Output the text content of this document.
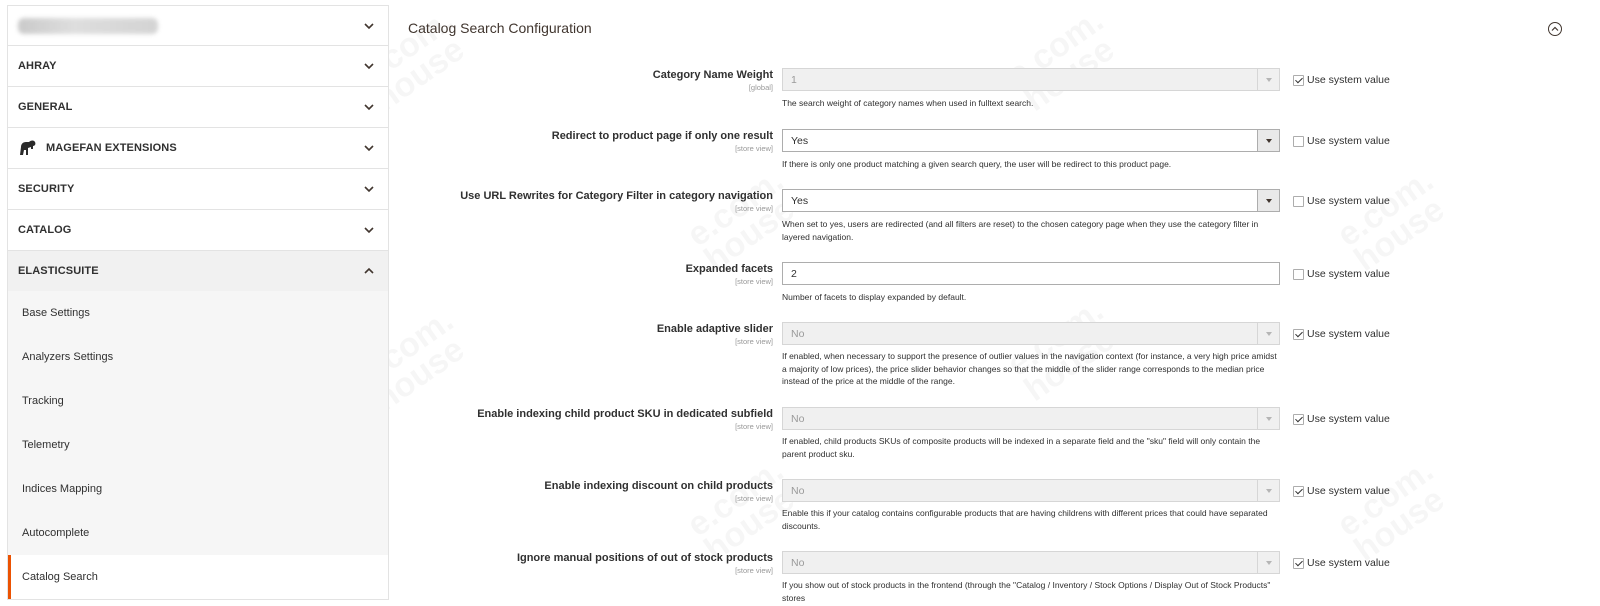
AHRAY
GENERAL
MAGEFAN EXTENSIONS
SECURITY
CATALOG
ELASTICSUITE
Base Settings
Analyzers Settings
Tracking
Telemetry
Indices Mapping
Autocomplete
Catalog Search
Catalog Search Configuration
Category Name Weight
[global]
1	Use system value
The search weight of category names when used in fulltext search.
Redirect to product page if only one result
[store view]
Yes	Use system value
If there is only one product matching a given search query, the user will be redirect to this product page.
Use URL Rewrites for Category Filter in category navigation
[store view]
Yes	Use system value
When set to yes, users are redirected (and all filters are reset) to the chosen category page when they use the category filter in layered navigation.
Expanded facets
[store view]
2	Use system value
Number of facets to display expanded by default.
Enable adaptive slider
[store view]
No	Use system value
If enabled, when necessary to support the presence of outlier values in the navigation context (for instance, a very high price amidst a majority of low prices), the price slider behavior changes so that the middle of the slider range corresponds to the median price instead of the price at the middle of the range.
Enable indexing child product SKU in dedicated subfield
[store view]
No	Use system value
If enabled, child products SKUs of composite products will be indexed in a separate field and the "sku" field will only contain the parent product sku.
Enable indexing discount on child products
[store view]
No	Use system value
Enable this if your catalog contains configurable products that are having childrens with different prices that could have separated discounts.
Ignore manual positions of out of stock products
[store view]
No	Use system value
If you show out of stock products in the frontend (through the "Catalog / Inventory / Stock Options / Display Out of Stock Products" stores
